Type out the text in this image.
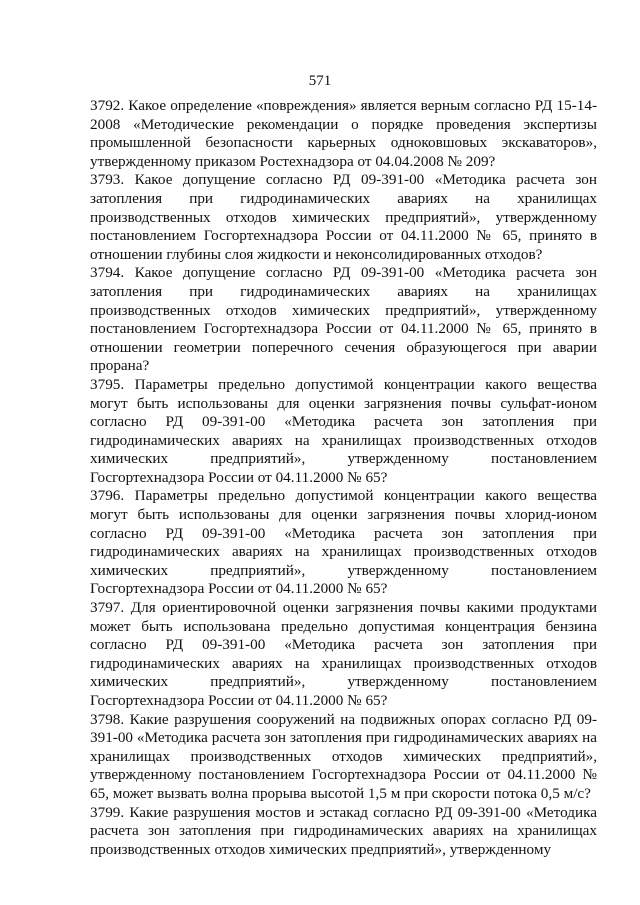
571

3792. Какое определение «повреждения» является верным согласно РД 15-14-2008 «Методические рекомендации о порядке проведения экспертизы промышленной безопасности карьерных одноковшовых экскаваторов», утвержденному приказом Ростехнадзора от 04.04.2008 № 209?

3793. Какое допущение согласно РД 09-391-00 «Методика расчета зон затопления при гидродинамических авариях на хранилищах производственных отходов химических предприятий», утвержденному постановлением Госгортехнадзора России от 04.11.2000 № 65, принято в отношении глубины слоя жидкости и неконсолидированных отходов?

3794. Какое допущение согласно РД 09-391-00 «Методика расчета зон затопления при гидродинамических авариях на хранилищах производственных отходов химических предприятий», утвержденному постановлением Госгортехнадзора России от 04.11.2000 № 65, принято в отношении геометрии поперечного сечения образующегося при аварии прорана?

3795. Параметры предельно допустимой концентрации какого вещества могут быть использованы для оценки загрязнения почвы сульфат-ионом согласно РД 09-391-00 «Методика расчета зон затопления при гидродинамических авариях на хранилищах производственных отходов химических предприятий», утвержденному постановлением Госгортехнадзора России от 04.11.2000 № 65?

3796. Параметры предельно допустимой концентрации какого вещества могут быть использованы для оценки загрязнения почвы хлорид-ионом согласно РД 09-391-00 «Методика расчета зон затопления при гидродинамических авариях на хранилищах производственных отходов химических предприятий», утвержденному постановлением Госгортехнадзора России от 04.11.2000 № 65?

3797. Для ориентировочной оценки загрязнения почвы какими продуктами может быть использована предельно допустимая концентрация бензина согласно РД 09-391-00 «Методика расчета зон затопления при гидродинамических авариях на хранилищах производственных отходов химических предприятий», утвержденному постановлением Госгортехнадзора России от 04.11.2000 № 65?

3798. Какие разрушения сооружений на подвижных опорах согласно РД 09-391-00 «Методика расчета зон затопления при гидродинамических авариях на хранилищах производственных отходов химических предприятий», утвержденному постановлением Госгортехнадзора России от 04.11.2000 № 65, может вызвать волна прорыва высотой 1,5 м при скорости потока 0,5 м/с?

3799. Какие разрушения мостов и эстакад согласно РД 09-391-00 «Методика расчета зон затопления при гидродинамических авариях на хранилищах производственных отходов химических предприятий», утвержденному
